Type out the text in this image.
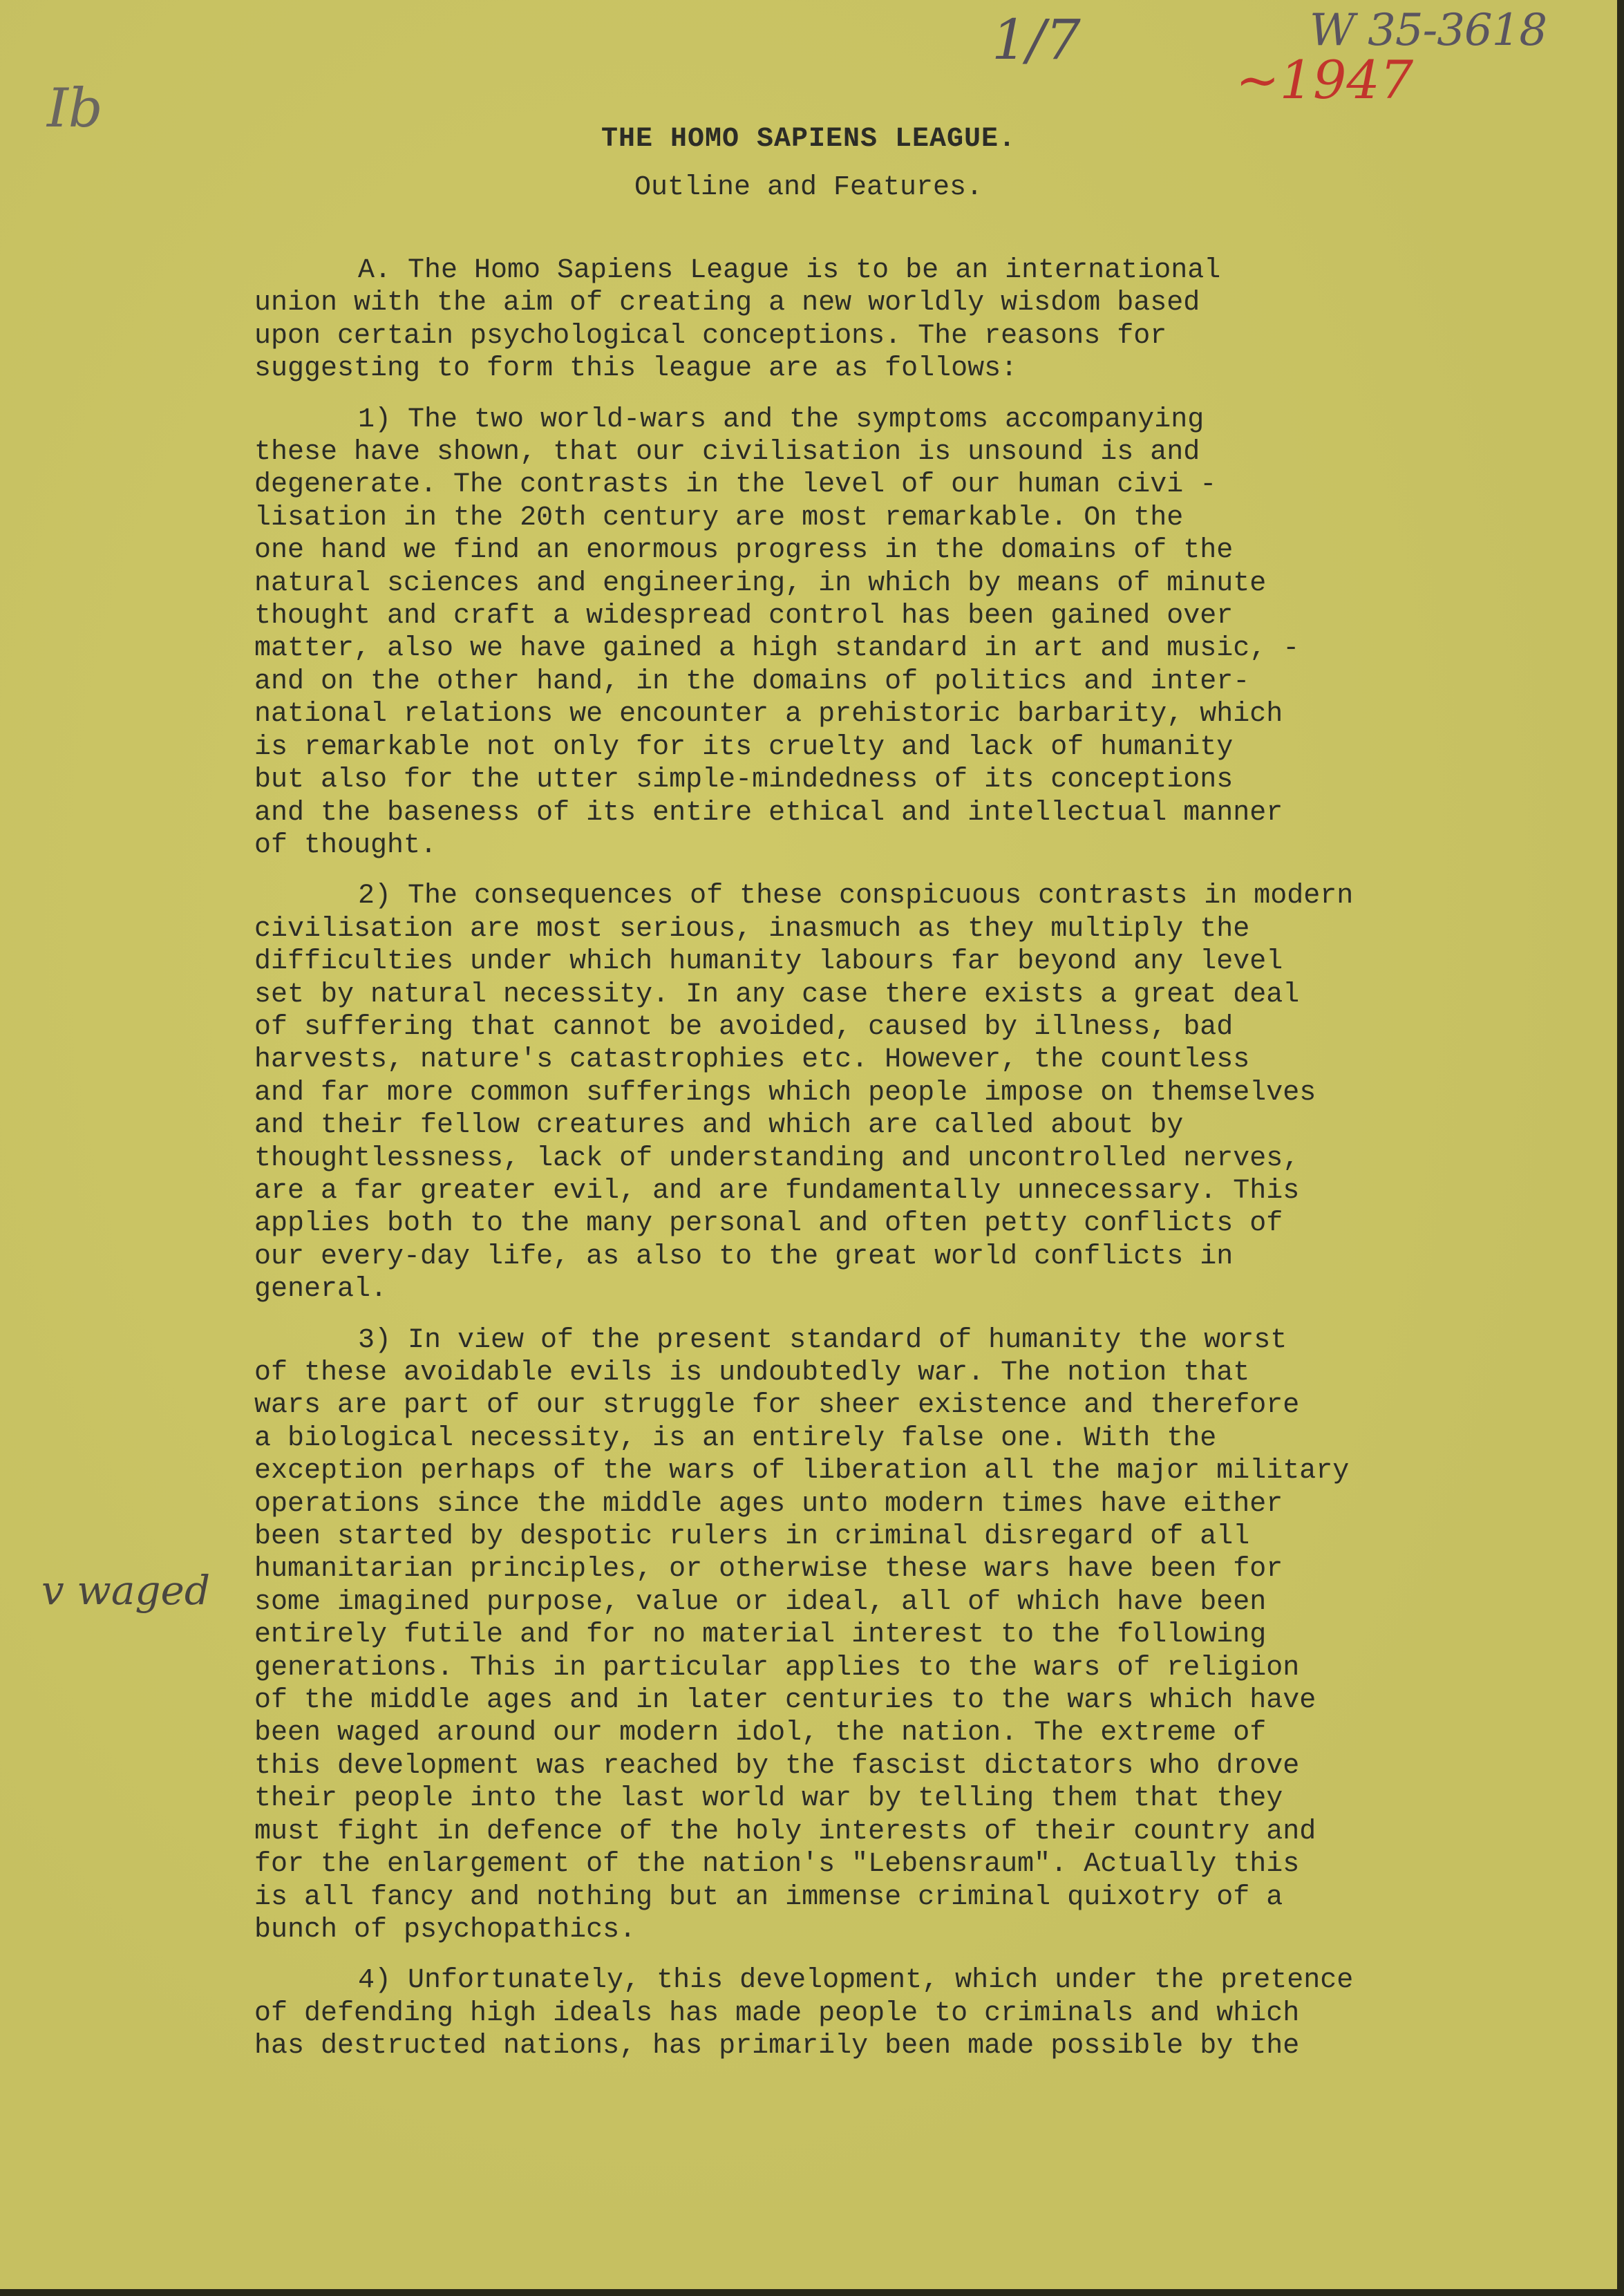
1/7	W 35-3618
~1947
Ib
v waged
THE HOMO SAPIENS LEAGUE.
Outline and Features.
A. The Homo Sapiens League is to be an international
union with the aim of creating a new worldly wisdom based
upon certain psychological conceptions. The reasons for
suggesting to form this league are as follows:
1) The two world-wars and the symptoms accompanying
these have shown, that our civilisation is unsound is and
degenerate. The contrasts in the level of our human civi -
lisation in the 20th century are most remarkable. On the
one hand we find an enormous progress in the domains of the
natural sciences and engineering, in which by means of minute
thought and craft a widespread control has been gained over
matter, also we have gained a high standard in art and music, -
and on the other hand, in the domains of politics and inter-
national relations we encounter a prehistoric barbarity, which
is remarkable not only for its cruelty and lack of humanity
but also for the utter simple-mindedness of its conceptions
and the baseness of its entire ethical and intellectual manner
of thought.
2) The consequences of these conspicuous contrasts in modern
civilisation are most serious, inasmuch as they multiply the
difficulties under which humanity labours far beyond any level
set by natural necessity. In any case there exists a great deal
of suffering that cannot be avoided, caused by illness, bad
harvests, nature's catastrophies etc. However, the countless
and far more common sufferings which people impose on themselves
and their fellow creatures and which are called about by
thoughtlessness, lack of understanding and uncontrolled nerves,
are a far greater evil, and are fundamentally unnecessary. This
applies both to the many personal and often petty conflicts of
our every-day life, as also to the great world conflicts in
general.
3) In view of the present standard of humanity the worst
of these avoidable evils is undoubtedly war. The notion that
wars are part of our struggle for sheer existence and therefore
a biological necessity, is an entirely false one. With the
exception perhaps of the wars of liberation all the major military
operations since the middle ages unto modern times have either
been started by despotic rulers in criminal disregard of all
humanitarian principles, or otherwise these wars have been for
some imagined purpose, value or ideal, all of which have been
entirely futile and for no material interest to the following
generations. This in particular applies to the wars of religion
of the middle ages and in later centuries to the wars which have
been waged around our modern idol, the nation. The extreme of
this development was reached by the fascist dictators who drove
their people into the last world war by telling them that they
must fight in defence of the holy interests of their country and
for the enlargement of the nation's "Lebensraum". Actually this
is all fancy and nothing but an immense criminal quixotry of a
bunch of psychopathics.
4) Unfortunately, this development, which under the pretence
of defending high ideals has made people to criminals and which
has destructed nations, has primarily been made possible by the
